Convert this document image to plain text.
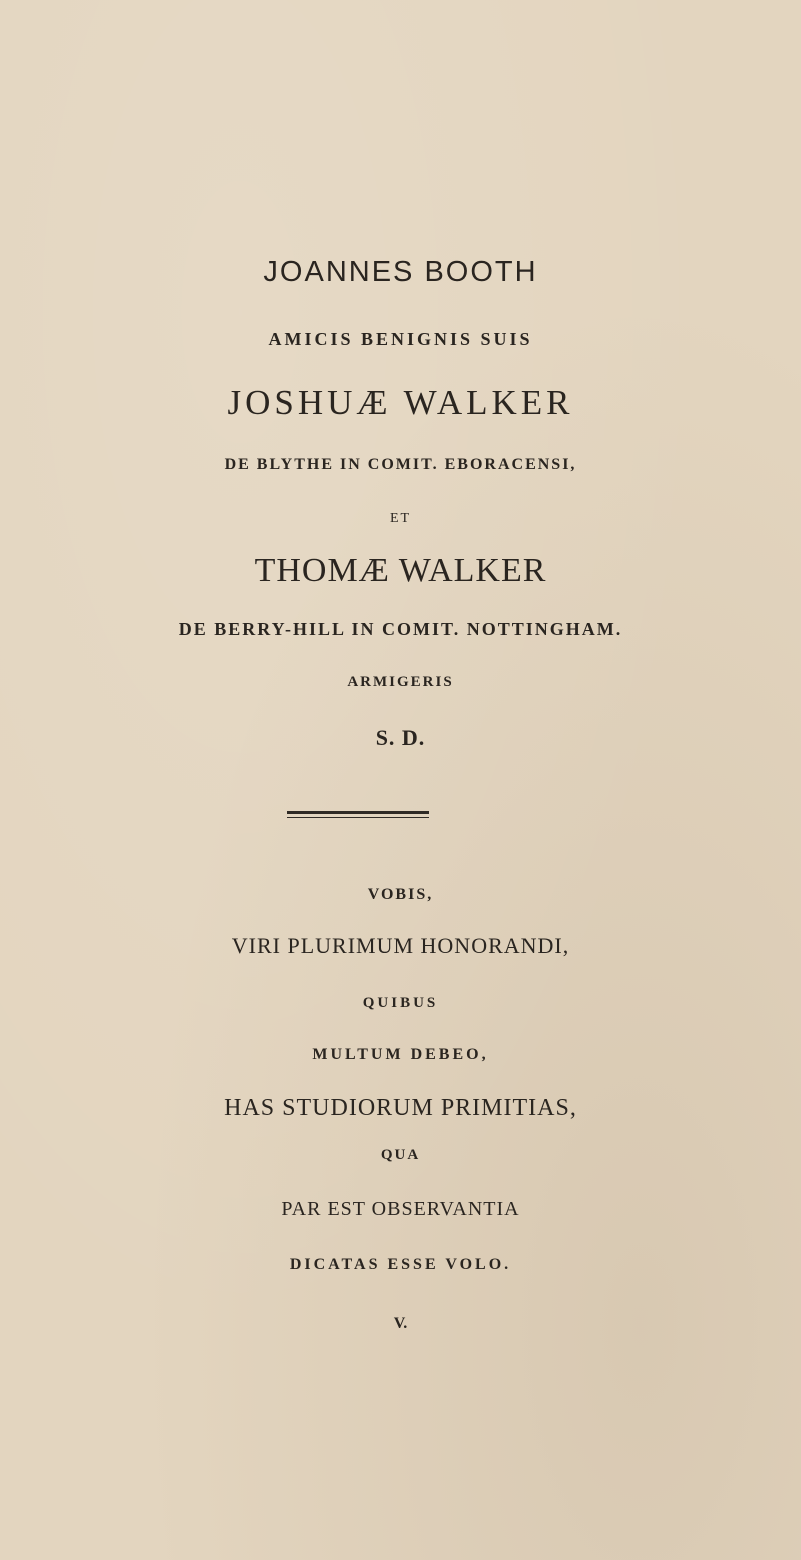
JOANNES BOOTH
AMICIS BENIGNIS SUIS
JOSHUÆ WALKER
DE BLYTHE IN COMIT. EBORACENSI,
ET
THOMÆ WALKER
DE BERRY-HILL IN COMIT. NOTTINGHAM.
ARMIGERIS
S. D.
VOBIS,
VIRI PLURIMUM HONORANDI,
QUIBUS
MULTUM DEBEO,
HAS STUDIORUM PRIMITIAS,
QUA
PAR EST OBSERVANTIA
DICATAS ESSE VOLO.
V.
